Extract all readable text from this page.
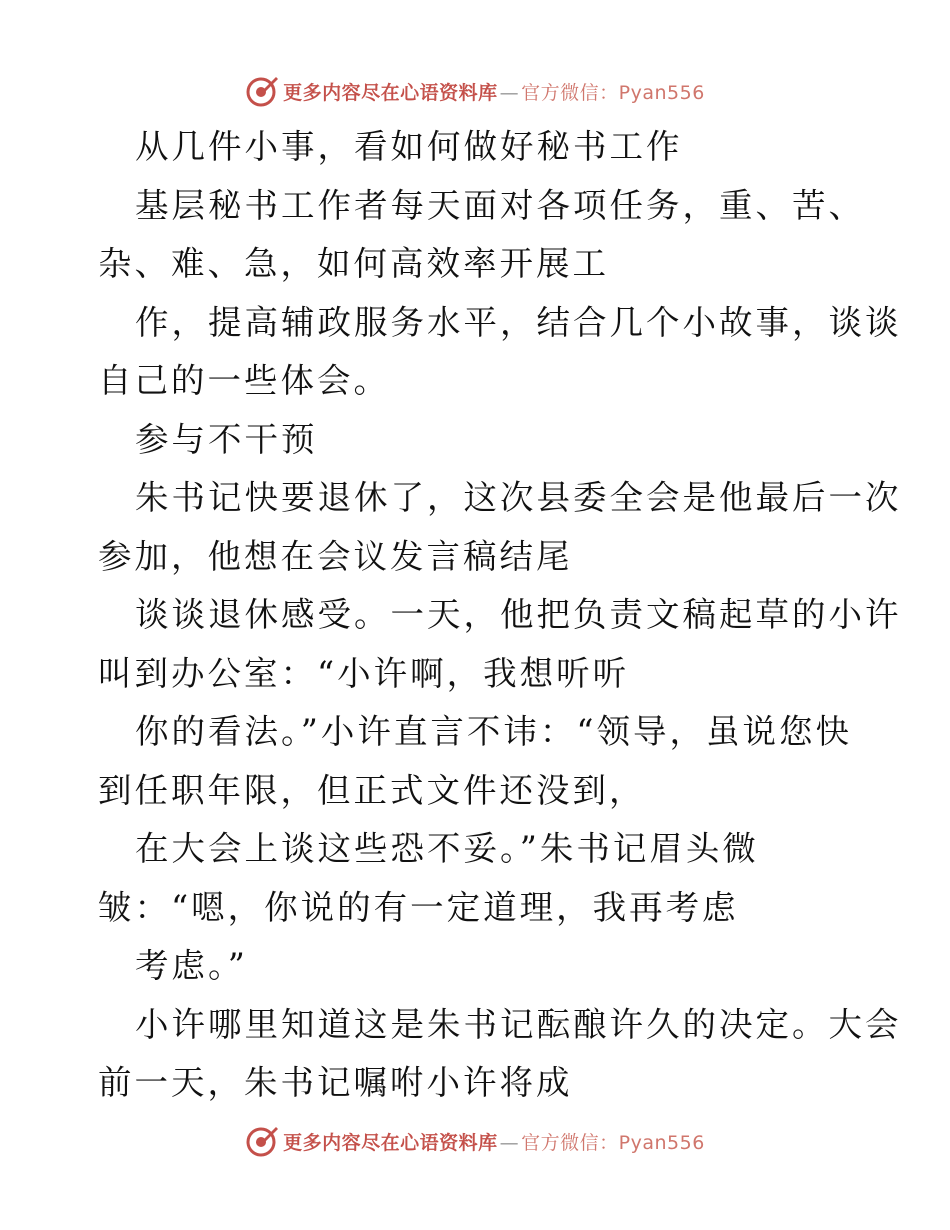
更多内容尽在心语资料库 — 官方微信：Pyan556
从几件小事，看如何做好秘书工作
基层秘书工作者每天面对各项任务，重、苦、
杂、难、急，如何高效率开展工
作，提高辅政服务水平，结合几个小故事，谈谈
自己的一些体会。
参与不干预
朱书记快要退休了，这次县委全会是他最后一次
参加，他想在会议发言稿结尾
谈谈退休感受。一天，他把负责文稿起草的小许
叫到办公室：“小许啊，我想听听
你的看法。”小许直言不讳：“领导，虽说您快
到任职年限，但正式文件还没到，
在大会上谈这些恐不妥。”朱书记眉头微
皱：“嗯，你说的有一定道理，我再考虑
考虑。”
小许哪里知道这是朱书记酝酿许久的决定。大会
前一天，朱书记嘱咐小许将成
更多内容尽在心语资料库 — 官方微信：Pyan556
